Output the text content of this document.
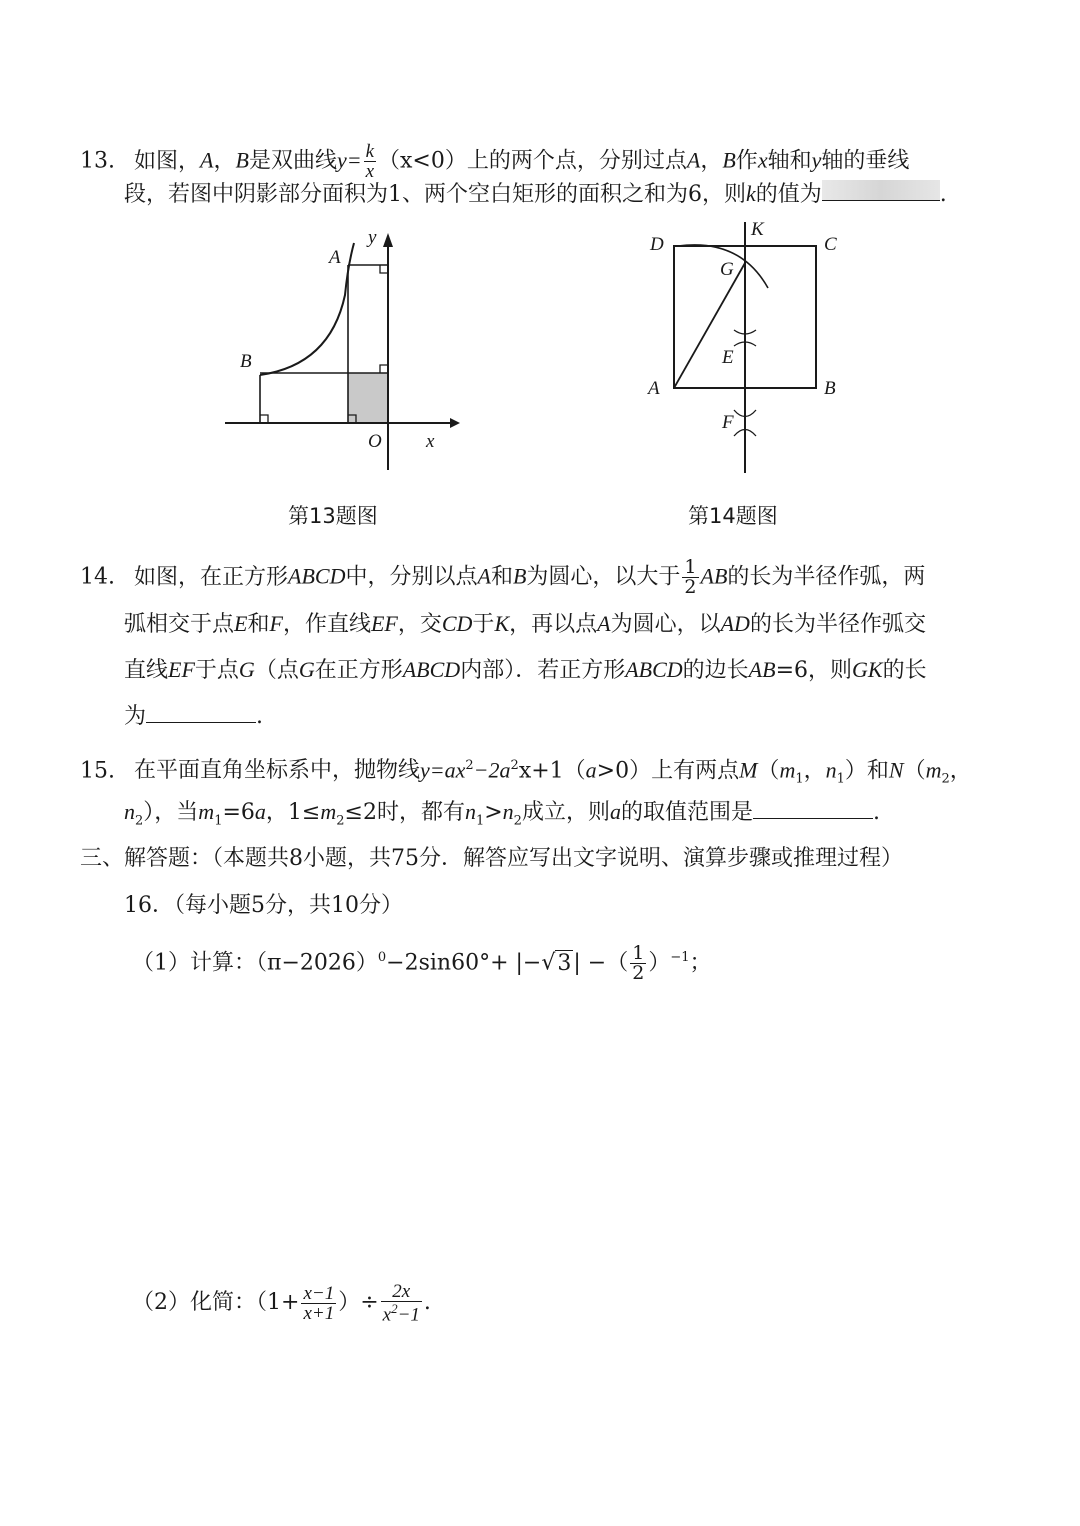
13. 如图，A，B是双曲线$y= \frac{k}{x} (x<0)$上的两个点，分别过点A，B作x轴和y轴的垂线
段，若图中阴影部分面积为1、两个空白矩形的面积之和为6，则k的值为	.
y
A
B
O x
第13题图
D
K
C
G
E
A	B
F
第14题图
14. 如图，在正方形ABCD中，分别以点A和B为圆心，以大于 $\frac{1}{2}$ AB的长为半径作弧，两
弧相交于点E和F，作直线EF，交CD于K，再以点A为圆心，以AD的长为半径作弧交
直线EF于点G（点G在正方形ABCD内部）．若正方形ABCD的边长AB=6，则GK的长
为	.
15. 在平面直角坐标系中，抛物线$y=ax^2-2a^2x+1(a>0)$上有两点$M(m_1$，$n_1$）和$N(m_2$，
$n_2$），当$m_1=6a$，$1\le m_2\le 2$时，都有$n_1>n_2$成立，则a的取值范围是	.
三、解答题：（本题共8小题，共75分．解答应写出文字说明、演算步骤或推理过程）
16．（每小题5分，共10分）
（1）计算：$(\pi-2026)^0-2\sin 60^\circ+ |-√3|$ −（ $\frac{1}{2} )^{-1}$；
（2）化简：（$1+ \frac{x-1}{x+1}$ ）÷ $\frac{2x}{x^2-1}$ .
